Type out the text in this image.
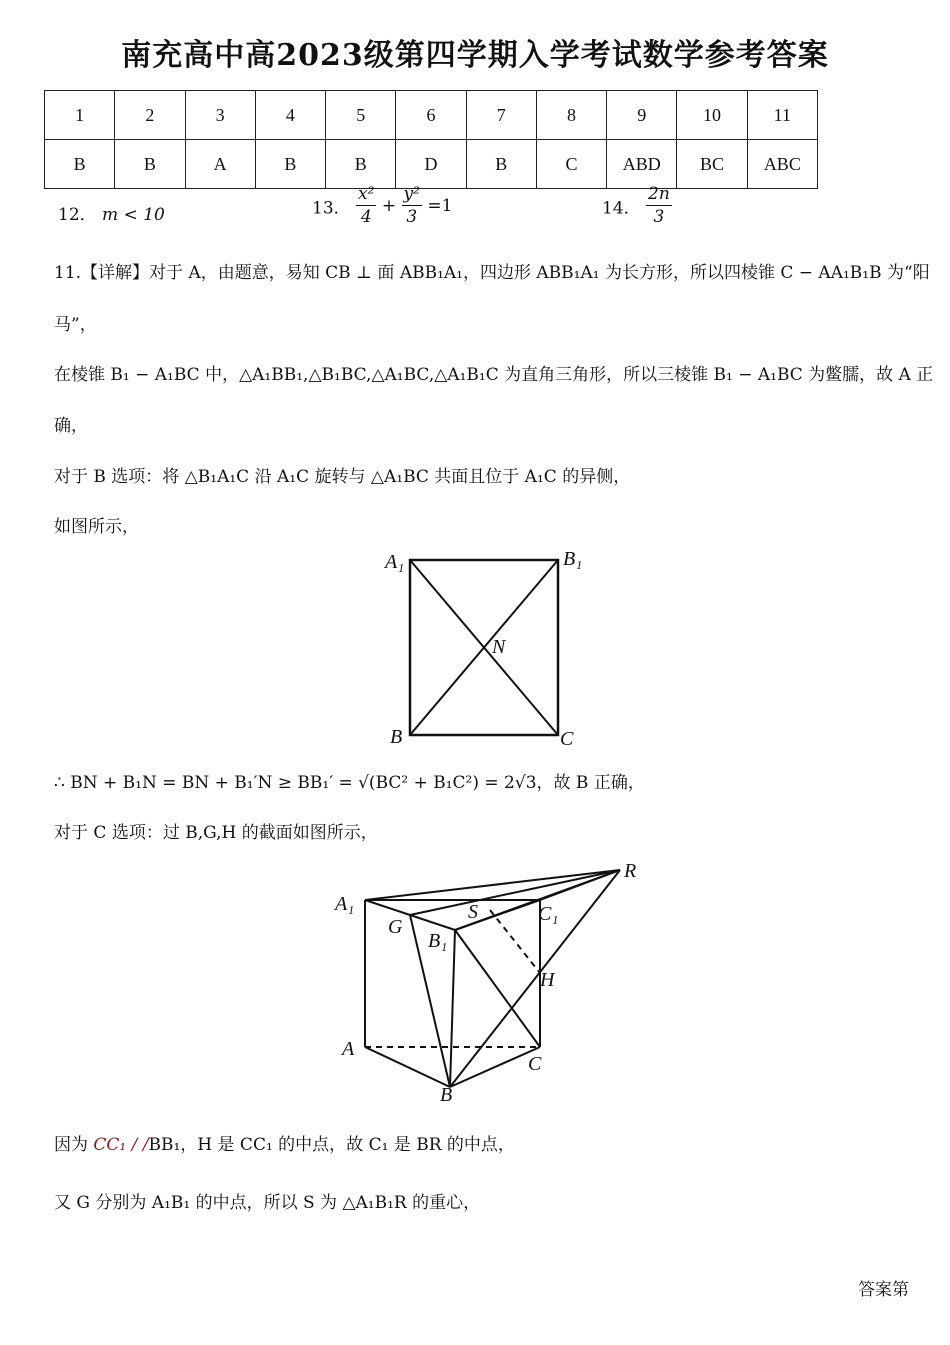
南充高中高2023级第四学期入学考试数学参考答案
1	2	3	4	5	6	7	8	9	10	11
B	B	A	B	B	D	B	C	ABD	BC	ABC
12． m < 10	13． $\frac{\text{x²}}{4} + \frac{\text{y²}}{3} =1$	14． $\frac{2n}{3}$
11.【详解】对于 A，由题意，易知 CB ⊥ 面 ABB₁A₁，四边形 ABB₁A₁ 为长方形，所以四棱锥 C − AA₁B₁B 为“阳
马”，
在棱锥 B₁ − A₁BC 中，△A₁BB₁,△B₁BC,△A₁BC,△A₁B₁C 为直角三角形，所以三棱锥 B₁ − A₁BC 为鳖臑，故 A 正
确，
对于 B 选项：将 △B₁A₁C 沿 A₁C 旋转与 △A₁BC 共面且位于 A₁C 的异侧，
如图所示，
A₁	B₁
N
B	C
∴ BN + B₁N = BN + B₁′N ≥ BB₁′ = √(BC² + B₁C²) = 2√3，故 B 正确，
对于 C 选项：过 B,G,H 的截面如图所示，
A₁
G
S	C₁
B₁
R
H
A
C
B
因为 CC₁ / /BB₁，H 是 CC₁ 的中点，故 C₁ 是 BR 的中点，
又 G 分别为 A₁B₁ 的中点，所以 S 为 △A₁B₁R 的重心，
答案第
